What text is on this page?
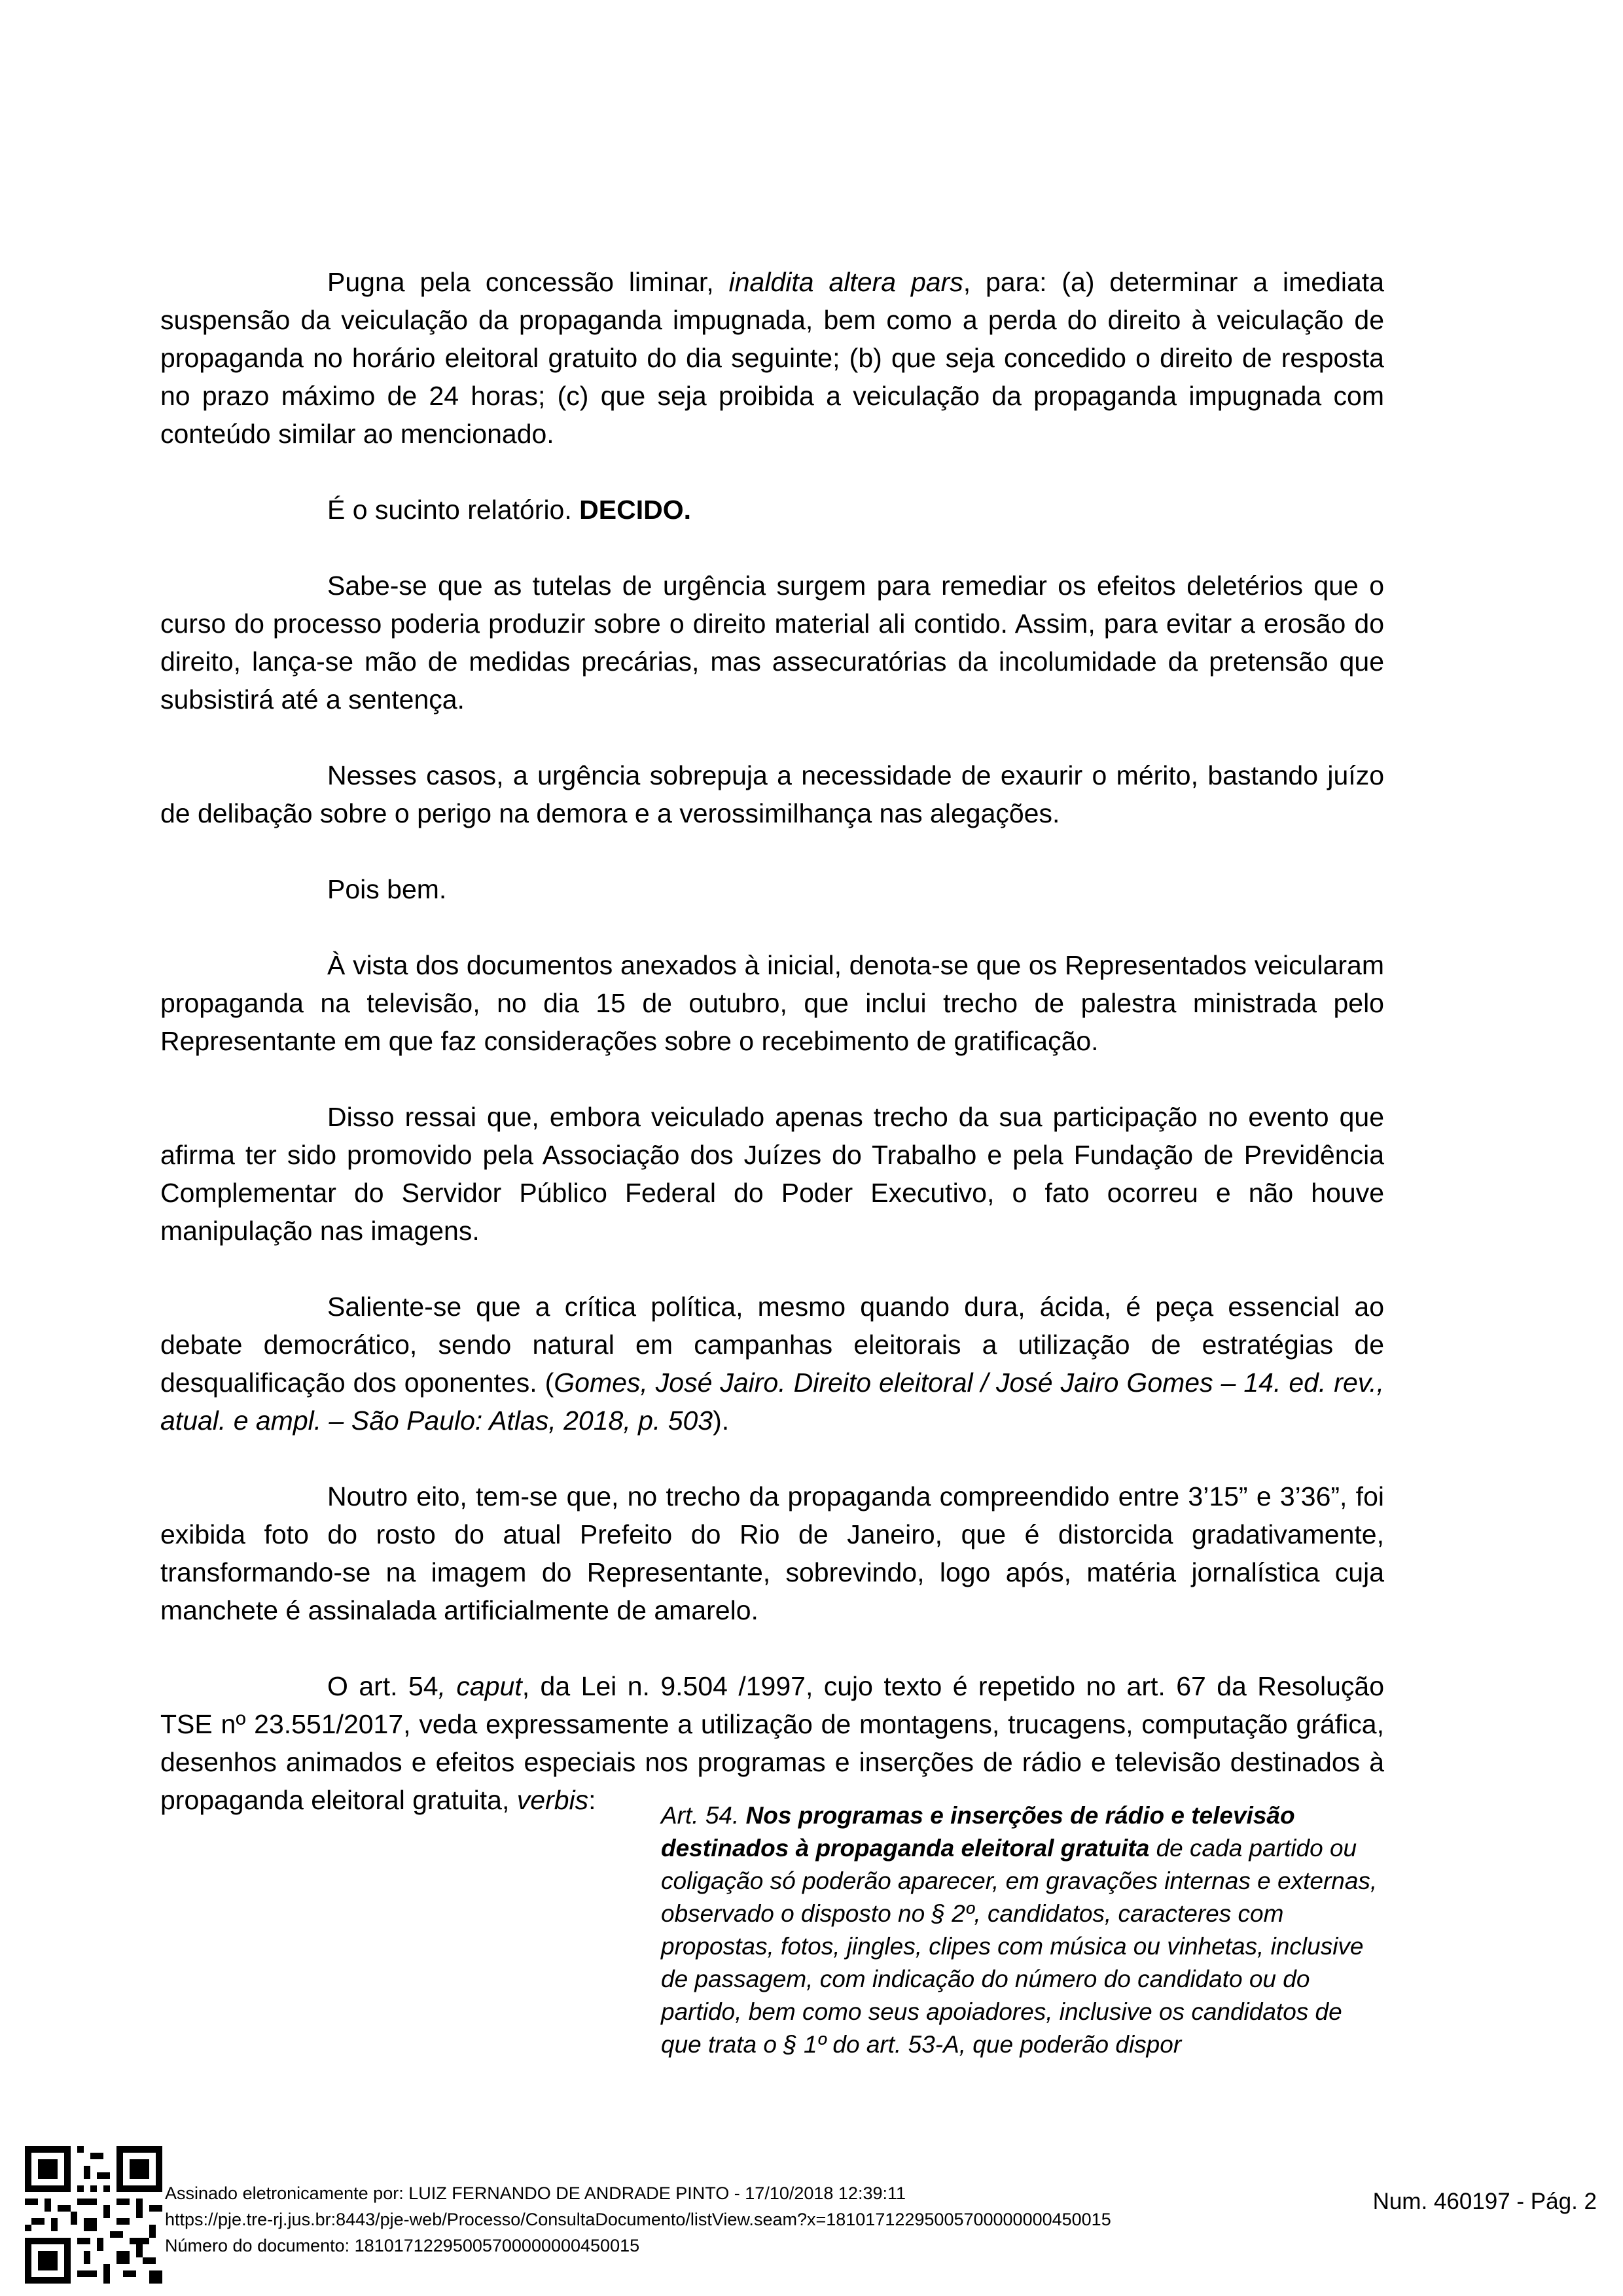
Pugna pela concessão liminar, inaldita altera pars, para: (a) determinar a imediata suspensão da veiculação da propaganda impugnada, bem como a perda do direito à veiculação de propaganda no horário eleitoral gratuito do dia seguinte; (b) que seja concedido o direito de resposta no prazo máximo de 24 horas; (c) que seja proibida a veiculação da propaganda impugnada com conteúdo similar ao mencionado.

É o sucinto relatório. DECIDO.

Sabe-se que as tutelas de urgência surgem para remediar os efeitos deletérios que o curso do processo poderia produzir sobre o direito material ali contido. Assim, para evitar a erosão do direito, lança-se mão de medidas precárias, mas assecuratórias da incolumidade da pretensão que subsistirá até a sentença.

Nesses casos, a urgência sobrepuja a necessidade de exaurir o mérito, bastando juízo de delibação sobre o perigo na demora e a verossimilhança nas alegações.

Pois bem.

À vista dos documentos anexados à inicial, denota-se que os Representados veicularam propaganda na televisão, no dia 15 de outubro, que inclui trecho de palestra ministrada pelo Representante em que faz considerações sobre o recebimento de gratificação.

Disso ressai que, embora veiculado apenas trecho da sua participação no evento que afirma ter sido promovido pela Associação dos Juízes do Trabalho e pela Fundação de Previdência Complementar do Servidor Público Federal do Poder Executivo, o fato ocorreu e não houve manipulação nas imagens.

Saliente-se que a crítica política, mesmo quando dura, ácida, é peça essencial ao debate democrático, sendo natural em campanhas eleitorais a utilização de estratégias de desqualificação dos oponentes. (Gomes, José Jairo. Direito eleitoral / José Jairo Gomes – 14. ed. rev., atual. e ampl. – São Paulo: Atlas, 2018, p. 503).

Noutro eito, tem-se que, no trecho da propaganda compreendido entre 3’15” e 3’36”, foi exibida foto do rosto do atual Prefeito do Rio de Janeiro, que é distorcida gradativamente, transformando-se na imagem do Representante, sobrevindo, logo após, matéria jornalística cuja manchete é assinalada artificialmente de amarelo.

O art. 54, caput, da Lei n. 9.504 /1997, cujo texto é repetido no art. 67 da Resolução TSE nº 23.551/2017, veda expressamente a utilização de montagens, trucagens, computação gráfica, desenhos animados e efeitos especiais nos programas e inserções de rádio e televisão destinados à propaganda eleitoral gratuita, verbis:

Art. 54. Nos programas e inserções de rádio e televisão destinados à propaganda eleitoral gratuita de cada partido ou coligação só poderão aparecer, em gravações internas e externas, observado o disposto no § 2º, candidatos, caracteres com propostas, fotos, jingles, clipes com música ou vinhetas, inclusive de passagem, com indicação do número do candidato ou do partido, bem como seus apoiadores, inclusive os candidatos de que trata o § 1º do art. 53-A, que poderão dispor

Assinado eletronicamente por: LUIZ FERNANDO DE ANDRADE PINTO - 17/10/2018 12:39:11
https://pje.tre-rj.jus.br:8443/pje-web/Processo/ConsultaDocumento/listView.seam?x=18101712295005700000000450015
Número do documento: 18101712295005700000000450015
Num. 460197 - Pág. 2
